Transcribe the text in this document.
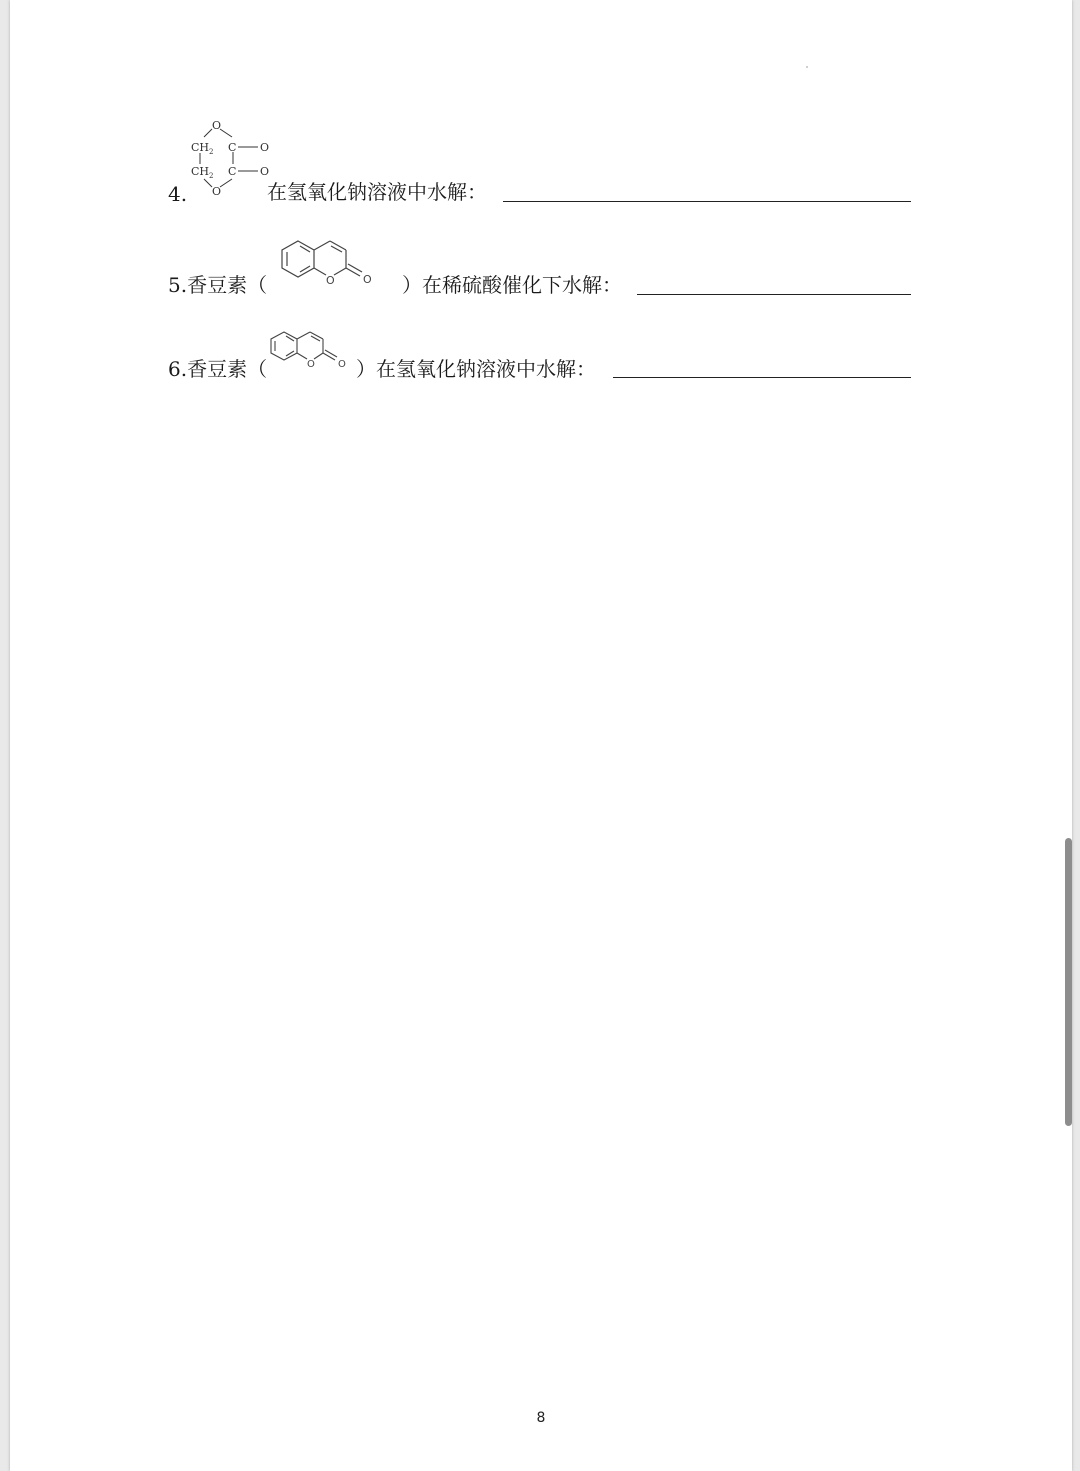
4.
O
$CH_2$ C O
$CH_2$ C O
O 在氢氧化钠溶液中水解：
5.香豆素（	O	O ）在稀硫酸催化下水解：
6.香豆素（	O O ）在氢氧化钠溶液中水解：
8
